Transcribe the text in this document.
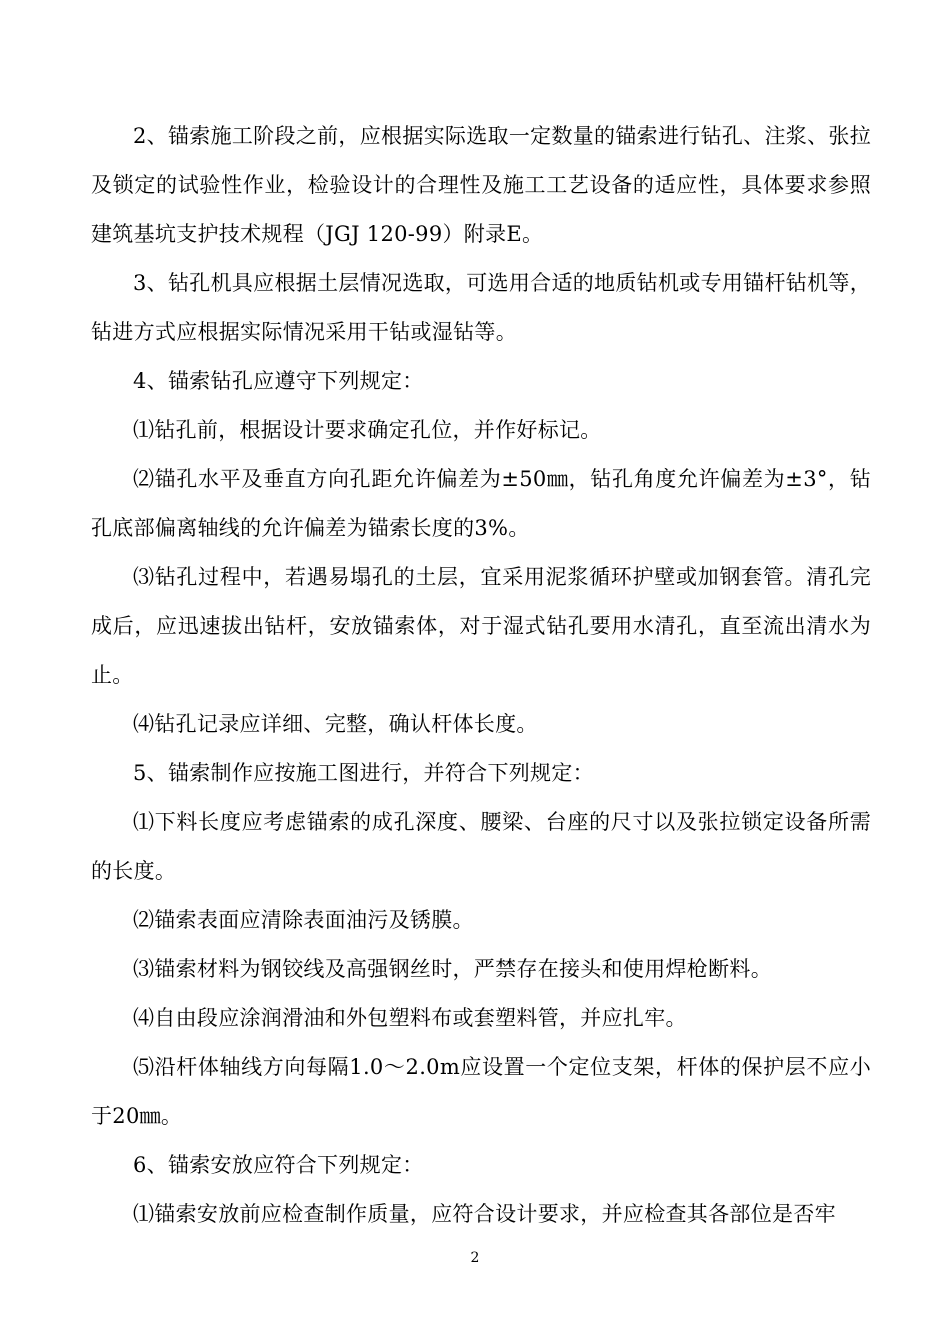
2、锚索施工阶段之前，应根据实际选取一定数量的锚索进行钻孔、注浆、张拉及锁定的试验性作业，检验设计的合理性及施工工艺设备的适应性，具体要求参照建筑基坑支护技术规程（JGJ 120-99）附录E。

3、钻孔机具应根据土层情况选取，可选用合适的地质钻机或专用锚杆钻机等，钻进方式应根据实际情况采用干钻或湿钻等。

4、锚索钻孔应遵守下列规定：

⑴钻孔前，根据设计要求确定孔位，并作好标记。

⑵锚孔水平及垂直方向孔距允许偏差为±50㎜，钻孔角度允许偏差为±3°，钻孔底部偏离轴线的允许偏差为锚索长度的3%。

⑶钻孔过程中，若遇易塌孔的土层，宜采用泥浆循环护壁或加钢套管。清孔完成后，应迅速拔出钻杆，安放锚索体，对于湿式钻孔要用水清孔，直至流出清水为止。

⑷钻孔记录应详细、完整，确认杆体长度。

5、锚索制作应按施工图进行，并符合下列规定：

⑴下料长度应考虑锚索的成孔深度、腰梁、台座的尺寸以及张拉锁定设备所需的长度。

⑵锚索表面应清除表面油污及锈膜。

⑶锚索材料为钢铰线及高强钢丝时，严禁存在接头和使用焊枪断料。

⑷自由段应涂润滑油和外包塑料布或套塑料管，并应扎牢。

⑸沿杆体轴线方向每隔1.0～2.0m应设置一个定位支架，杆体的保护层不应小于20㎜。

6、锚索安放应符合下列规定：

⑴锚索安放前应检查制作质量，应符合设计要求，并应检查其各部位是否牢

2
